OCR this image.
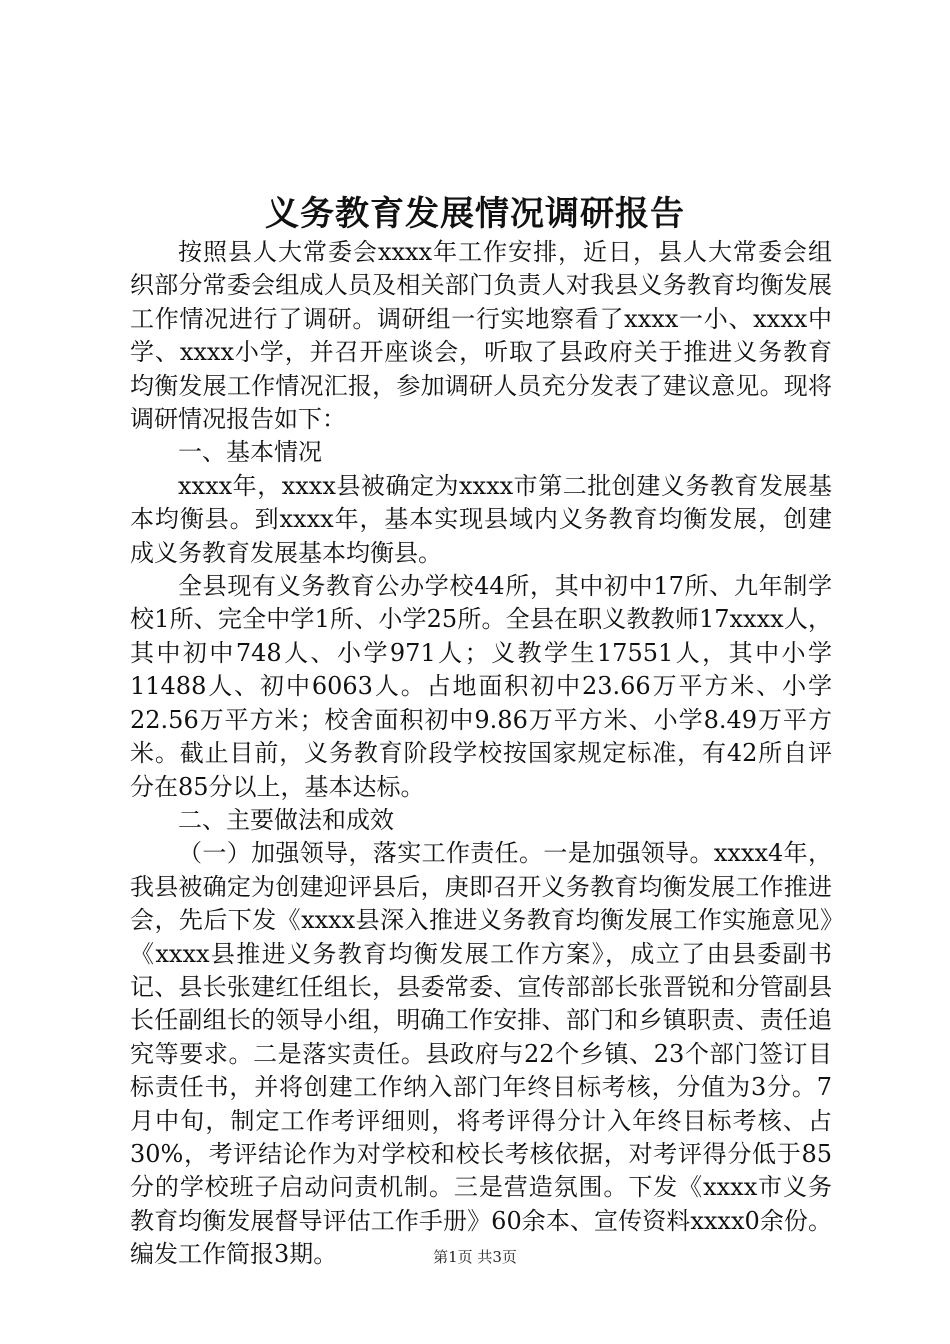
义务教育发展情况调研报告

按照县人大常委会xxxx年工作安排，近日，县人大常委会组织部分常委会组成人员及相关部门负责人对我县义务教育均衡发展工作情况进行了调研。调研组一行实地察看了xxxx一小、xxxx中学、xxxx小学，并召开座谈会，听取了县政府关于推进义务教育均衡发展工作情况汇报，参加调研人员充分发表了建议意见。现将调研情况报告如下：

一、基本情况

xxxx年，xxxx县被确定为xxxx市第二批创建义务教育发展基本均衡县。到xxxx年，基本实现县域内义务教育均衡发展，创建成义务教育发展基本均衡县。

全县现有义务教育公办学校44所，其中初中17所、九年制学校1所、完全中学1所、小学25所。全县在职义教教师17xxxx人，其中初中748人、小学971人；义教学生17551人，其中小学11488人、初中6063人。占地面积初中23.66万平方米、小学22.56万平方米；校舍面积初中9.86万平方米、小学8.49万平方米。截止目前，义务教育阶段学校按国家规定标准，有42所自评分在85分以上，基本达标。

二、主要做法和成效

（一）加强领导，落实工作责任。一是加强领导。xxxx4年，我县被确定为创建迎评县后，庚即召开义务教育均衡发展工作推进会，先后下发《xxxx县深入推进义务教育均衡发展工作实施意见》《xxxx县推进义务教育均衡发展工作方案》，成立了由县委副书记、县长张建红任组长，县委常委、宣传部部长张晋锐和分管副县长任副组长的领导小组，明确工作安排、部门和乡镇职责、责任追究等要求。二是落实责任。县政府与22个乡镇、23个部门签订目标责任书，并将创建工作纳入部门年终目标考核，分值为3分。7月中旬，制定工作考评细则，将考评得分计入年终目标考核、占30%，考评结论作为对学校和校长考核依据，对考评得分低于85分的学校班子启动问责机制。三是营造氛围。下发《xxxx市义务教育均衡发展督导评估工作手册》60余本、宣传资料xxxx0余份。编发工作简报3期。	第1页 共3页
